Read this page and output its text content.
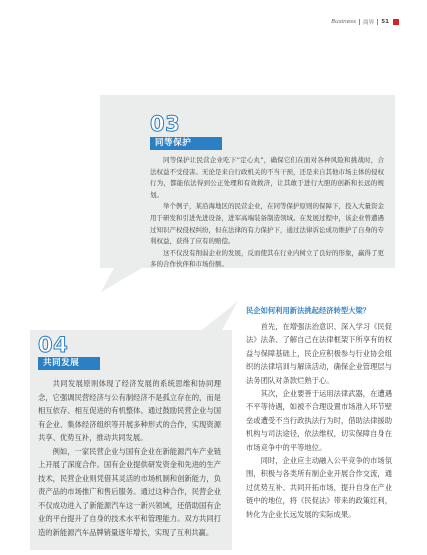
Business 商界 51
03
同等保护

同等保护让民营企业吃下“定心丸”，确保它们在面对各种风险和挑战时，合法权益不受侵害。无论是来自行政机关的不当干预，还是来自其他市场主体的侵权行为，都能依法得到公正处理和有效救济，让其敢于进行大胆的创新和长远的规划。

举个例子，某沿海地区的民营企业，在同等保护原则的保障下，投入大量资金用于研发和引进先进设备，进军高端装备制造领域。在发展过程中，该企业曾遭遇过知识产权侵权纠纷，但在法律的有力保护下，通过法律诉讼成功维护了自身的专利权益，获得了应有的赔偿。

这不仅没有削弱企业的发展，反而使其在行业内树立了良好的形象，赢得了更多的合作伙伴和市场份额。

04
共同发展

共同发展原则体现了经济发展的系统思维和协同理念，它强调民营经济与公有制经济不是孤立存在的，而是相互依存、相互促进的有机整体。通过鼓励民营企业与国有企业、集体经济组织等开展多种形式的合作，实现资源共享、优势互补，推动共同发展。

例如，一家民营企业与国有企业在新能源汽车产业链上开展了深度合作。国有企业提供研发资金和先进的生产技术，民营企业则凭借其灵活的市场机制和创新能力，负责产品的市场推广和售后服务。通过这种合作，民营企业不仅成功进入了新能源汽车这一新兴领域，还借助国有企业的平台提升了自身的技术水平和管理能力。双方共同打造的新能源汽车品牌销量逐年增长，实现了互利共赢。

民企如何利用新法挑起经济转型大梁？

首先，在增强法治意识、深入学习《民促法》法条、了解自己在法律框架下所享有的权益与保障基础上，民企应积极参与行业协会组织的法律培训与解读活动，确保企业管理层与法务团队对条款烂熟于心。

其次，企业要善于运用法律武器，在遭遇不平等待遇，如被不合理设置市场准入环节壁垒或遭受不当行政执法行为时，借助法律援助机构与司法途径，依法维权，切实保障自身在市场竞争中的平等地位。

同时，企业应主动融入公平竞争的市场氛围，积极与各类所有制企业开展合作交流，通过优势互补、共同开拓市场，提升自身在产业链中的地位，将《民促法》带来的政策红利，转化为企业长远发展的实际成果。
